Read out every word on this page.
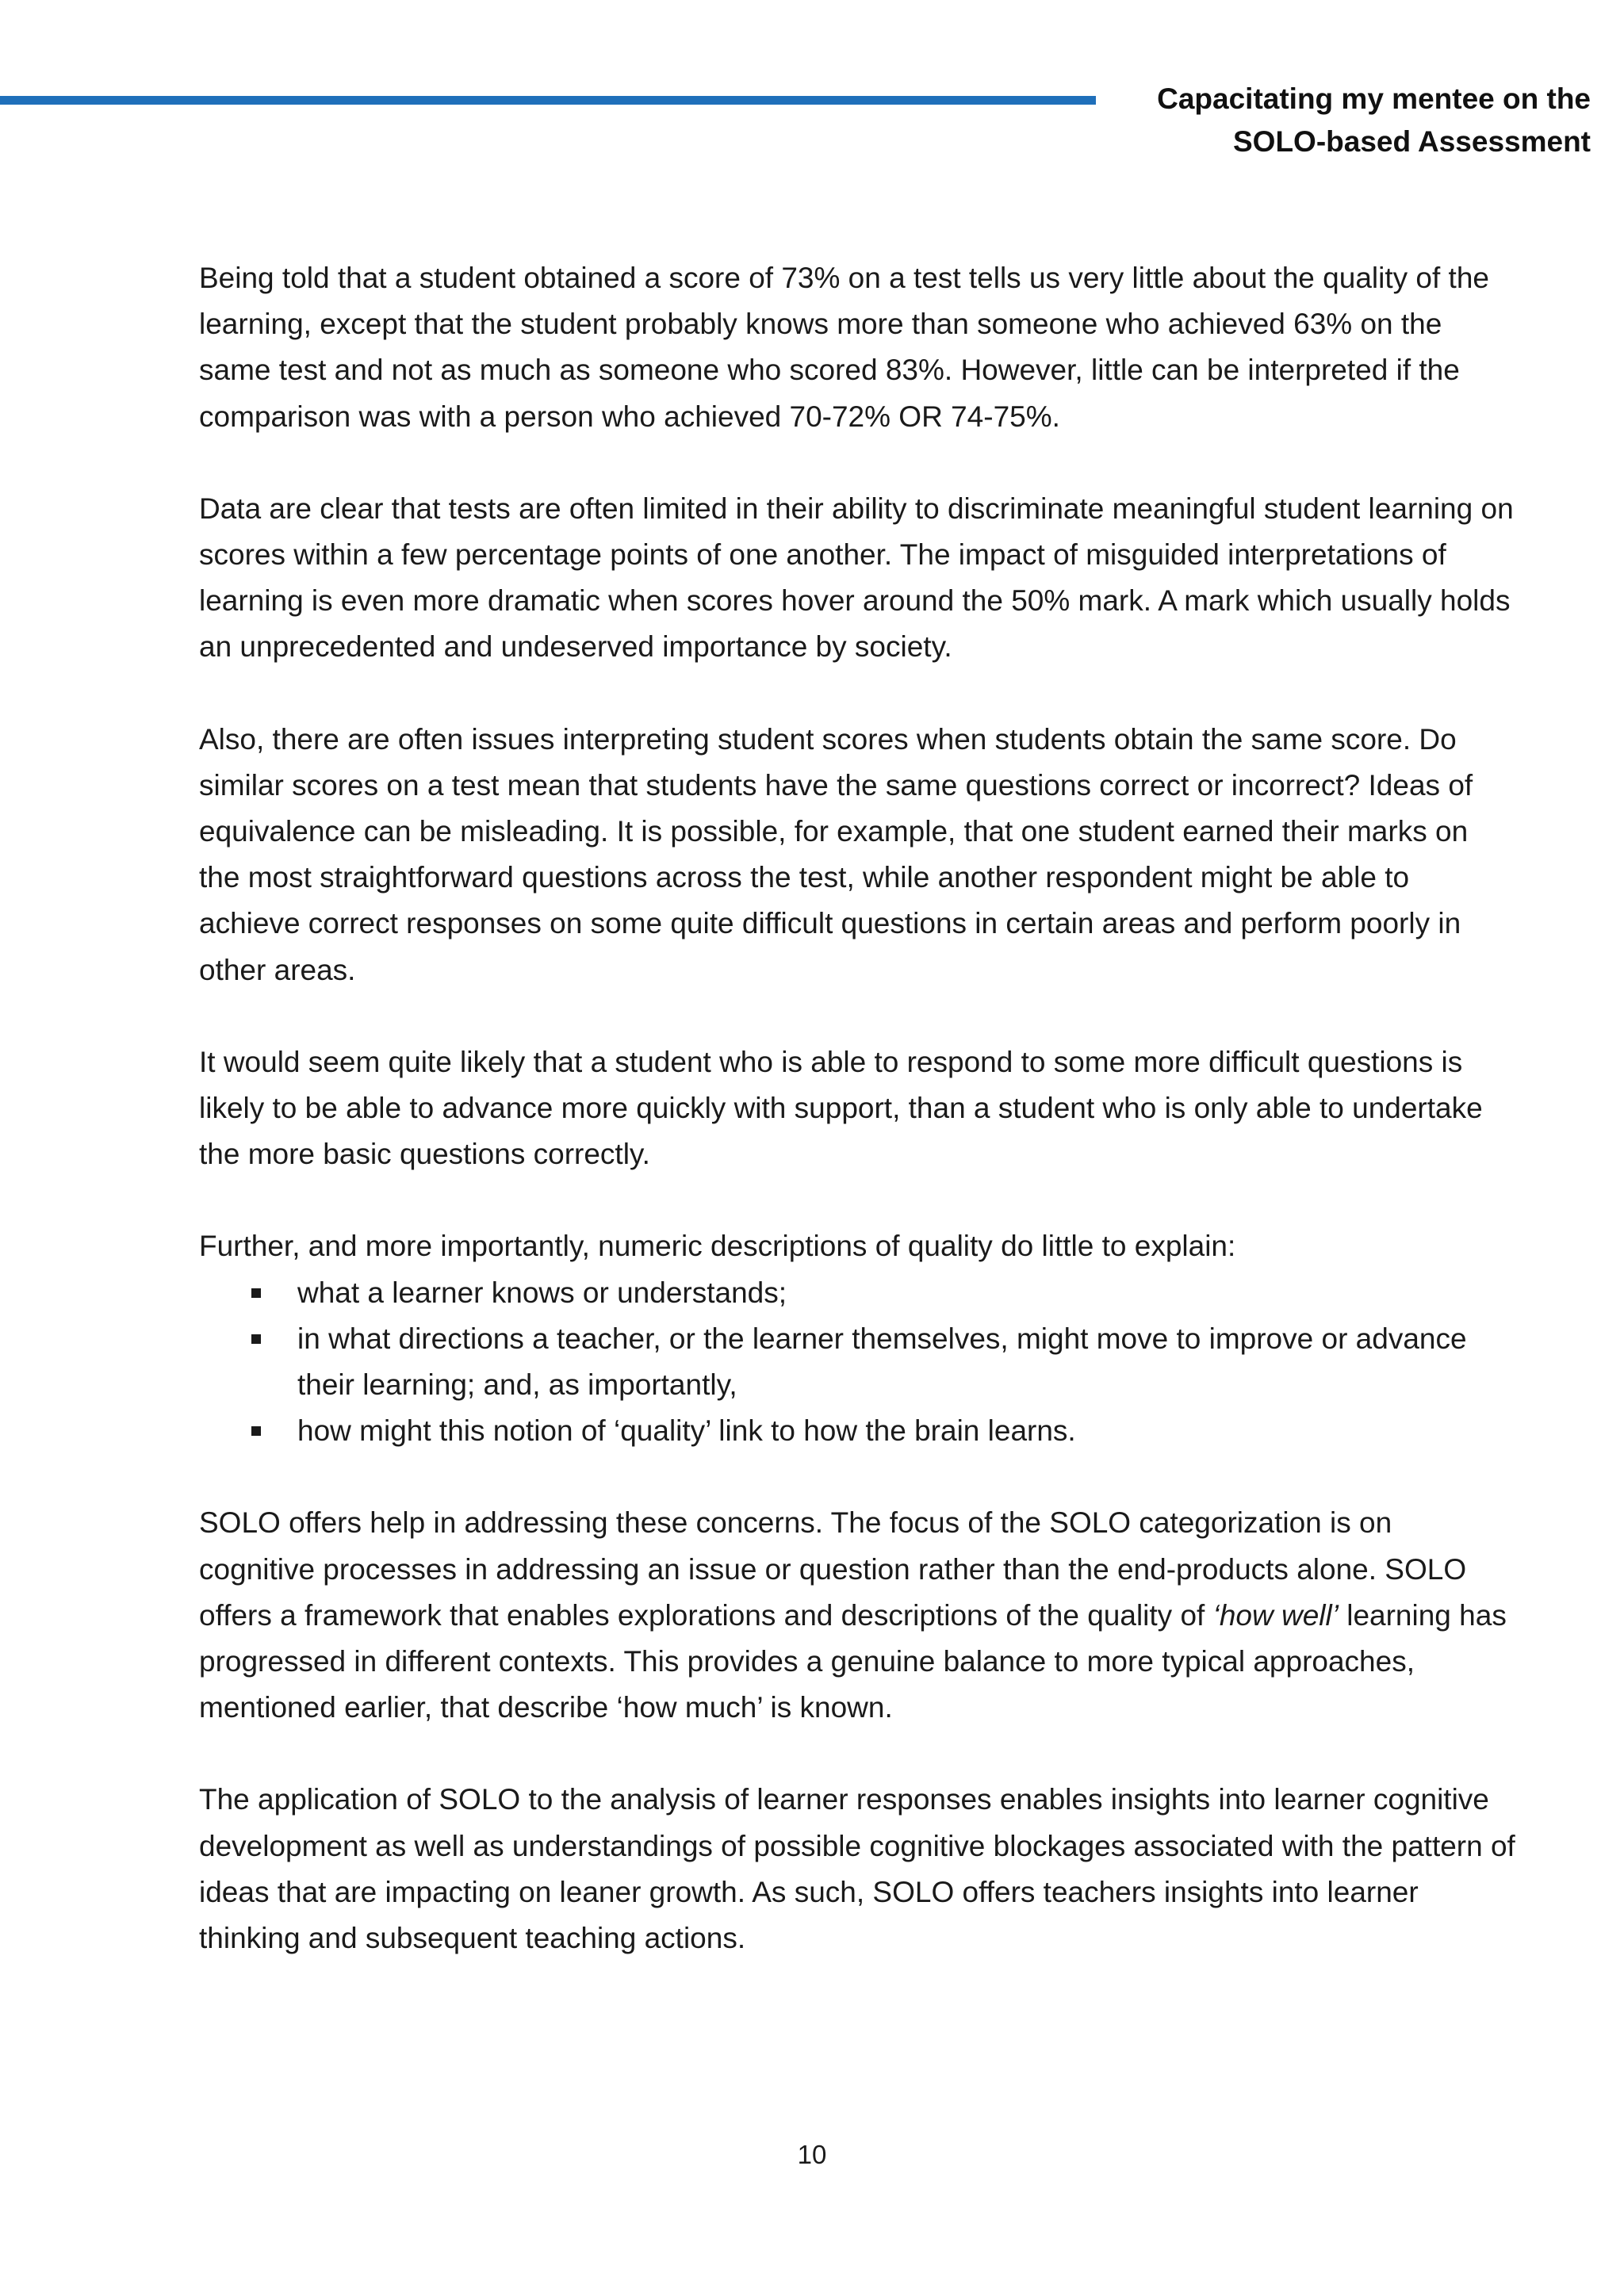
Capacitating my mentee on the
SOLO-based Assessment

Being told that a student obtained a score of 73% on a test tells us very little about the quality of the learning, except that the student probably knows more than someone who achieved 63% on the same test and not as much as someone who scored 83%. However, little can be interpreted if the comparison was with a person who achieved 70-72% OR 74-75%.

Data are clear that tests are often limited in their ability to discriminate meaningful student learning on scores within a few percentage points of one another. The impact of misguided interpretations of learning is even more dramatic when scores hover around the 50% mark. A mark which usually holds an unprecedented and undeserved importance by society.

Also, there are often issues interpreting student scores when students obtain the same score. Do similar scores on a test mean that students have the same questions correct or incorrect? Ideas of equivalence can be misleading. It is possible, for example, that one student earned their marks on the most straightforward questions across the test, while another respondent might be able to achieve correct responses on some quite difficult questions in certain areas and perform poorly in other areas.

It would seem quite likely that a student who is able to respond to some more difficult questions is likely to be able to advance more quickly with support, than a student who is only able to undertake the more basic questions correctly.

Further, and more importantly, numeric descriptions of quality do little to explain:

what a learner knows or understands;
in what directions a teacher, or the learner themselves, might move to improve or advance their learning; and, as importantly,
how might this notion of ‘quality’ link to how the brain learns.

SOLO offers help in addressing these concerns. The focus of the SOLO categorization is on cognitive processes in addressing an issue or question rather than the end-products alone. SOLO offers a framework that enables explorations and descriptions of the quality of ‘how well’ learning has progressed in different contexts. This provides a genuine balance to more typical approaches, mentioned earlier, that describe ‘how much’ is known.

The application of SOLO to the analysis of learner responses enables insights into learner cognitive development as well as understandings of possible cognitive blockages associated with the pattern of ideas that are impacting on leaner growth. As such, SOLO offers teachers insights into learner thinking and subsequent teaching actions.

10
